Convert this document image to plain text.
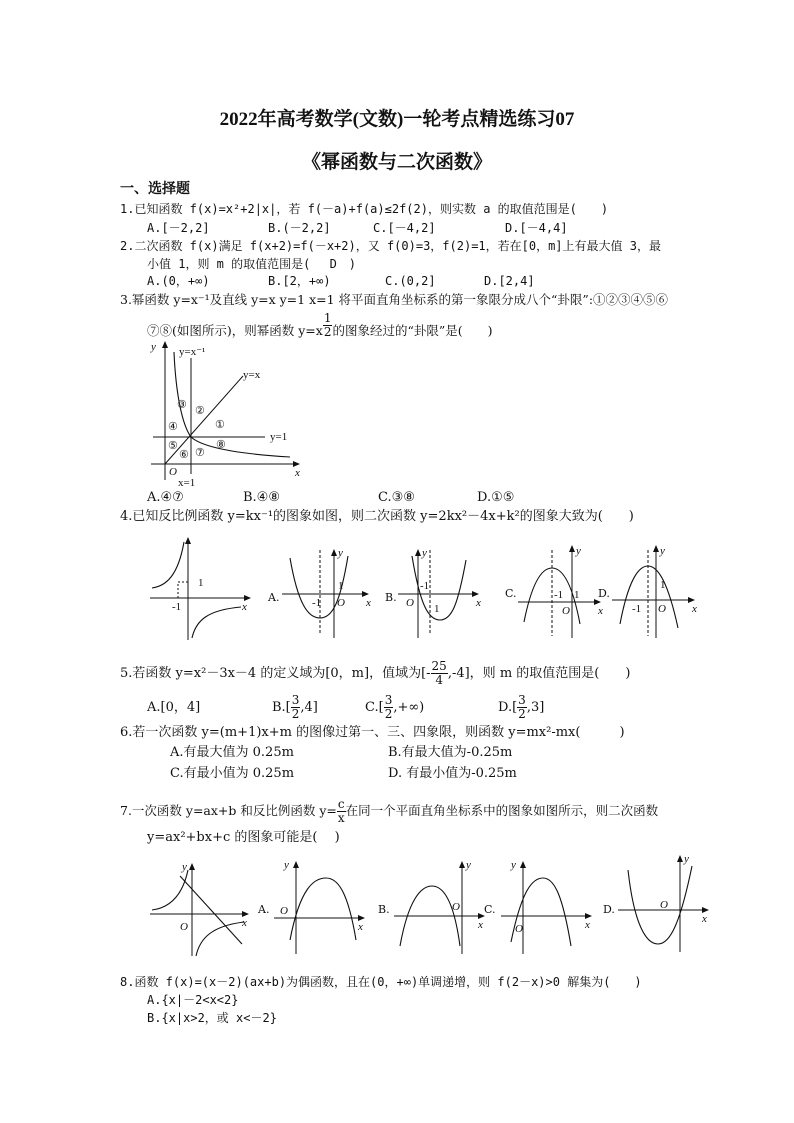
2022年高考数学(文数)一轮考点精选练习07
《幂函数与二次函数》
一、选择题
1.已知函数 f(x)=x²+2|x|，若 f(－a)+f(a)≤2f(2)，则实数 a 的取值范围是(　　)
A.[－2,2]	B.(－2,2]	C.[－4,2]	D.[－4,4]
2.二次函数 f(x)满足 f(x+2)=f(－x+2)，又 f(0)=3，f(2)=1，若在[0，m]上有最大值 3，最
小值 1，则 m 的取值范围是(　 D　)
A.(0，+∞)	B.[2，+∞)	C.(0,2]	D.[2,4]
3.幂函数 y=x⁻¹及直线 y=x y=1 x=1 将平面直角坐标系的第一象限分成八个“卦限”:①②③④⑤⑥
⑦⑧(如图所示)，则幂函数 $y=x \frac{1}{2}$ 的图象经过的“卦限”是(　　)
y
x
O
y=x⁻¹
y=x
y=1
x=1
①
②
③
④
⑤
⑥ ⑦
⑧
A.④⑦	B.④⑧	C.③⑧	D.①⑤
4.已知反比例函数 y=kx⁻¹的图象如图，则二次函数 y=2kx²－4x+k²的图象大致为(　　)
-1
1
x
A.	-1
1
O x
y
B.
-1
1
O	x
y
C.	-1 1
O	x
y
D.
-1
1
O x
y
5.若函数 y=x²－3x－4 的定义域为[0，m]，值域为[- $\frac{25}{4} ,-4$]，则 m 的取值范围是(　　)
A.[0，4]	$B.[ \frac{3}{2} ,4]$	$C.[ \frac{3}{2}$ ,+∞)	$D.[ \frac{3}{2} ,3]$
6.若一次函数 y=(m+1)x+m 的图像过第一、三、四象限，则函数 y=mx²-mx(　　　)
A.有最大值为 0.25m	B.有最大值为-0.25m
C.有最小值为 0.25m	D. 有最小值为-0.25m
7.一次函数 y=ax+b 和反比例函数 $y= \frac{c}{x}$ 在同一个平面直角坐标系中的图象如图所示，则二次函数
y=ax²+bx+c 的图象可能是(　 )
O	x
y
A. O
x
y
B.	O
x
y
C.
O	x
y
D.	O
x
y
8.函数 f(x)=(x－2)(ax+b)为偶函数，且在(0，+∞)单调递增，则 f(2－x)>0 解集为(　　)
A.{x|－2<x<2}
B.{x|x>2，或 x<－2}
